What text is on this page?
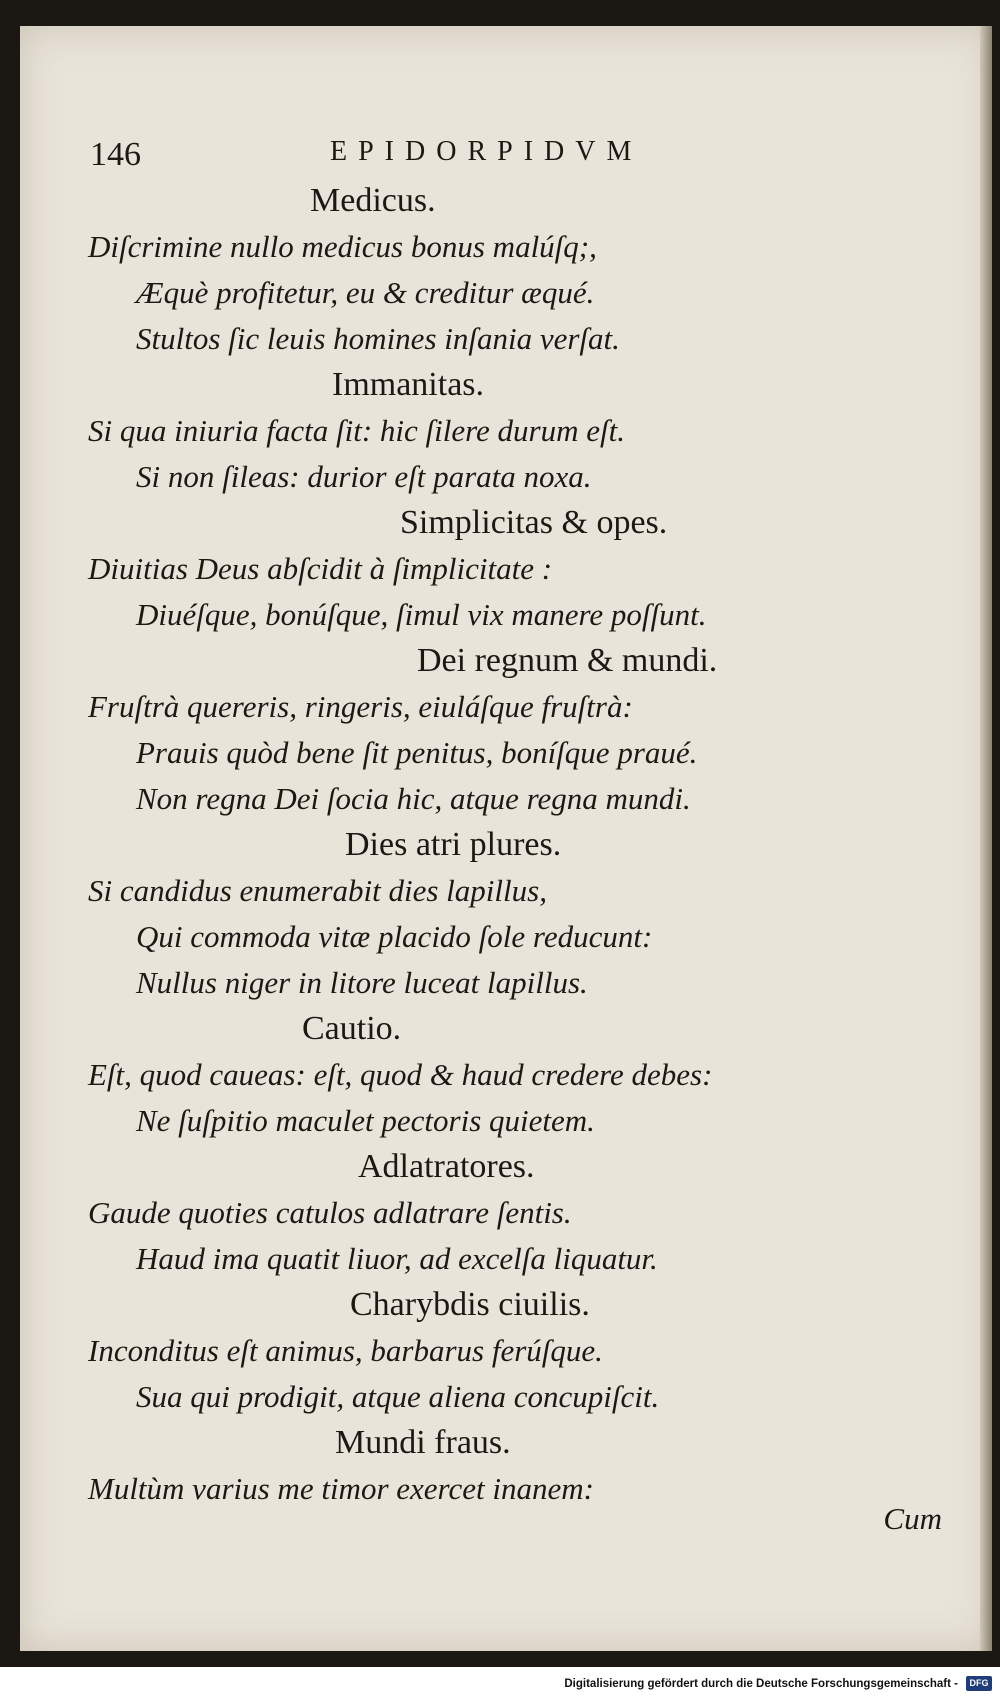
146	EPIDORPIDVM
Medicus.
Diſcrimine nullo medicus bonus malúſq;,
Æquè profitetur, eu & creditur æqué.
Stultos ſic leuis homines inſania verſat.
Immanitas.
Si qua iniuria facta ſit: hic ſilere durum eſt.
Si non ſileas: durior eſt parata noxa.
Simplicitas & opes.
Diuitias Deus abſcidit à ſimplicitate :
Diuéſque, bonúſque, ſimul vix manere poſſunt.
Dei regnum & mundi.
Fruſtrà quereris, ringeris, eiuláſque fruſtrà:
Prauis quòd bene ſit penitus, boníſque praué.
Non regna Dei ſocia hic, atque regna mundi.
Dies atri plures.
Si candidus enumerabit dies lapillus,
Qui commoda vitæ placido ſole reducunt:
Nullus niger in litore luceat lapillus.
Cautio.
Eſt, quod caueas: eſt, quod & haud credere debes:
Ne ſuſpitio maculet pectoris quietem.
Adlatratores.
Gaude quoties catulos adlatrare ſentis.
Haud ima quatit liuor, ad excelſa liquatur.
Charybdis ciuilis.
Inconditus eſt animus, barbarus ferúſque.
Sua qui prodigit, atque aliena concupiſcit.
Mundi fraus.
Multùm varius me timor exercet inanem:
Cum
Digitalisierung gefördert durch die Deutsche Forschungsgemeinschaft -	DFG
